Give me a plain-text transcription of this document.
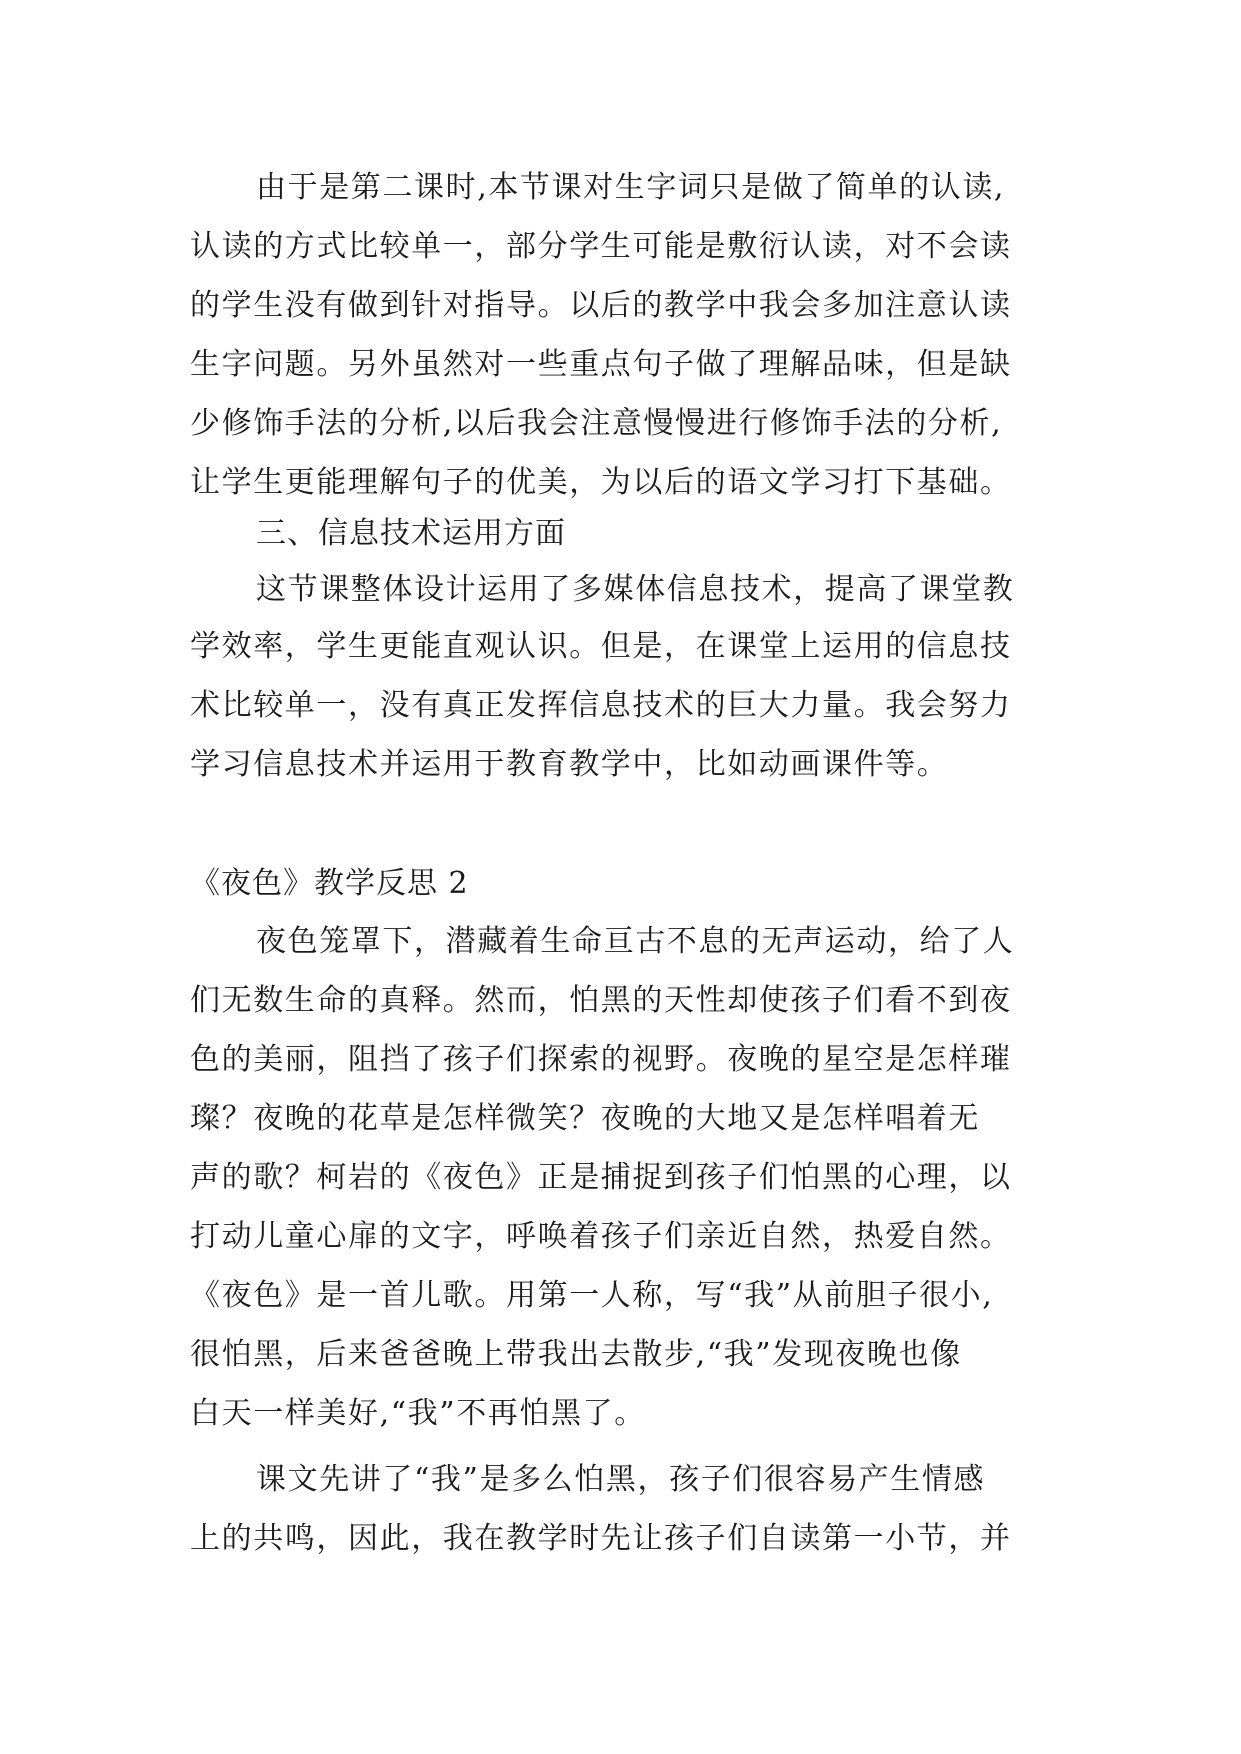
由于是第二课时,本节课对生字词只是做了简单的认读,
认读的方式比较单一，部分学生可能是敷衍认读，对不会读
的学生没有做到针对指导。以后的教学中我会多加注意认读
生字问题。另外虽然对一些重点句子做了理解品味，但是缺
少修饰手法的分析,以后我会注意慢慢进行修饰手法的分析,
让学生更能理解句子的优美，为以后的语文学习打下基础。
三、信息技术运用方面
这节课整体设计运用了多媒体信息技术，提高了课堂教
学效率，学生更能直观认识。但是，在课堂上运用的信息技
术比较单一，没有真正发挥信息技术的巨大力量。我会努力
学习信息技术并运用于教育教学中，比如动画课件等。
《夜色》教学反思 2
夜色笼罩下，潜藏着生命亘古不息的无声运动，给了人
们无数生命的真释。然而，怕黑的天性却使孩子们看不到夜
色的美丽，阻挡了孩子们探索的视野。夜晚的星空是怎样璀
璨？夜晚的花草是怎样微笑？夜晚的大地又是怎样唱着无
声的歌？柯岩的《夜色》正是捕捉到孩子们怕黑的心理，以
打动儿童心扉的文字，呼唤着孩子们亲近自然，热爱自然。
《夜色》是一首儿歌。用第一人称，写“我”从前胆子很小,
很怕黑，后来爸爸晚上带我出去散步,“我”发现夜晚也像
白天一样美好,“我”不再怕黑了。
课文先讲了“我”是多么怕黑，孩子们很容易产生情感
上的共鸣，因此，我在教学时先让孩子们自读第一小节，并
